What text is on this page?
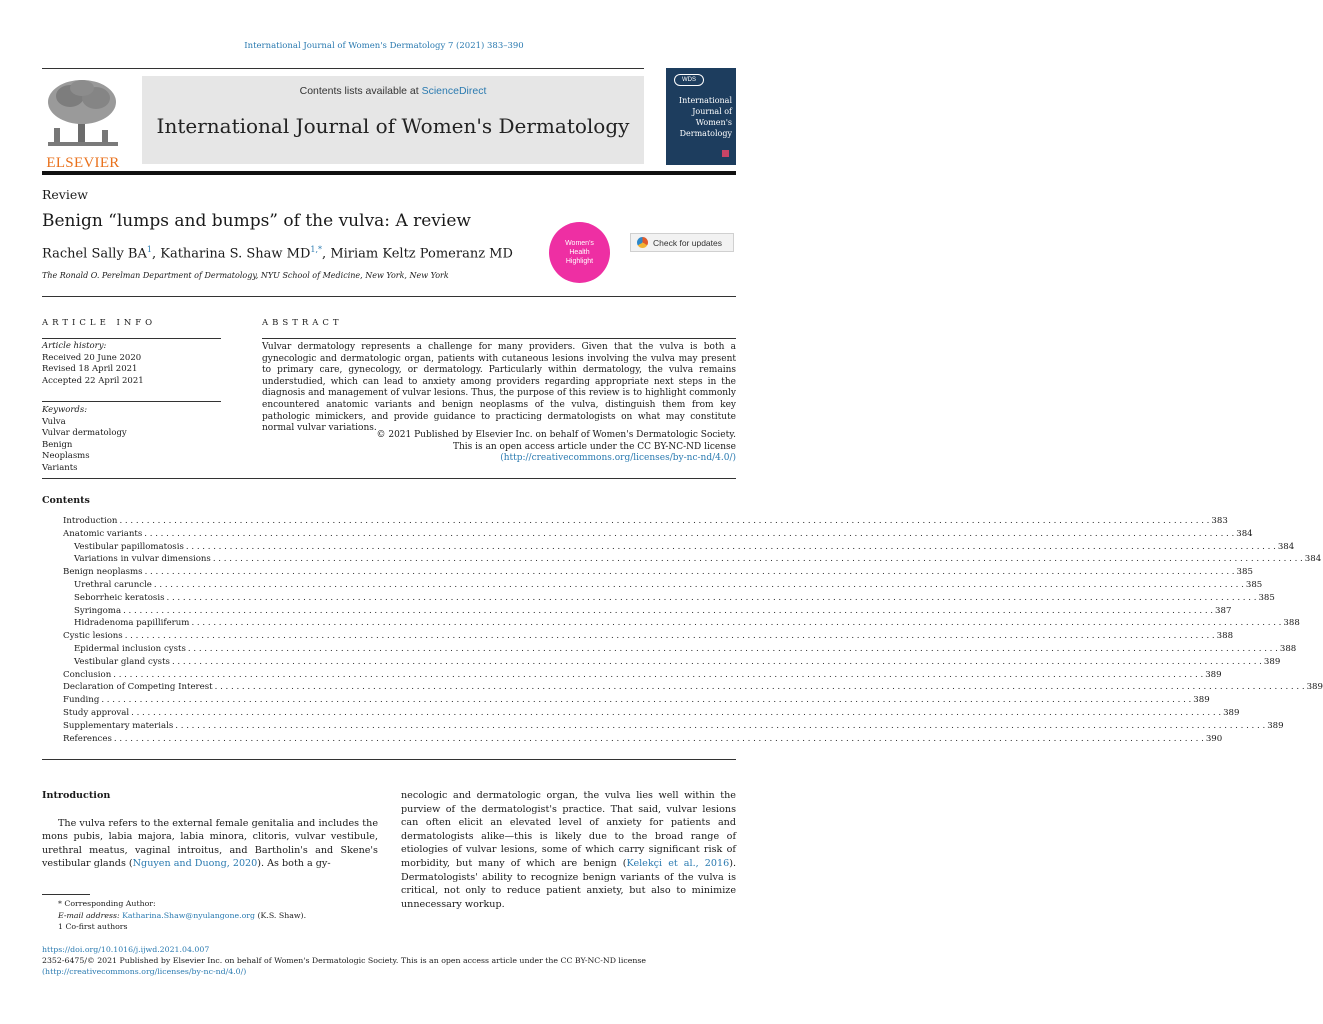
International Journal of Women's Dermatology 7 (2021) 383–390
ELSEVIER
Contents lists available at ScienceDirect
International Journal of Women's Dermatology
WDS
International Journal of Women's Dermatology
Review
Benign “lumps and bumps” of the vulva: A review
Rachel Sally $BA^1$, Katharina S. Shaw $MD^{1,*}$, Miriam Keltz Pomeranz MD
The Ronald O. Perelman Department of Dermatology, NYU School of Medicine, New York, New York
Women's
Health
Highlight
Check for updates
ARTICLE INFO	ABSTRACT
Article history:
Received 20 June 2020
Revised 18 April 2021
Accepted 22 April 2021
Keywords:
Vulva
Vulvar dermatology
Benign
Neoplasms
Variants
Vulvar dermatology represents a challenge for many providers. Given that the vulva is both a gynecologic and dermatologic organ, patients with cutaneous lesions involving the vulva may present to primary care, gynecology, or dermatology. Particularly within dermatology, the vulva remains understudied, which can lead to anxiety among providers regarding appropriate next steps in the diagnosis and management of vulvar lesions. Thus, the purpose of this review is to highlight commonly encountered anatomic variants and benign neoplasms of the vulva, distinguish them from key pathologic mimickers, and provide guidance to practicing dermatologists on what may constitute normal vulvar variations.
© 2021 Published by Elsevier Inc. on behalf of Women's Dermatologic Society.
This is an open access article under the CC BY-NC-ND license
(http://creativecommons.org/licenses/by-nc-nd/4.0/)
Contents
Introduction . . . . . . . . . . . . . . . . . . . . . . . . . . . . . . . . . . . . . . . . . . . . . . . . . . . . . . . . . . . . . . . . . . . . . . . . . . . . . . . . . . . . . . . . . . . . . . . . . . . . . . . . . . . . . . . . . . . . . . . . . . . . . . . . . . . . . . . . . . . . . . . . . . . . . . . . . . . . . . . . . . . . . . . . . . . . . . . . . . . . . . . . . . . . . . . . . . . . . . . . 383
Anatomic variants . . . . . . . . . . . . . . . . . . . . . . . . . . . . . . . . . . . . . . . . . . . . . . . . . . . . . . . . . . . . . . . . . . . . . . . . . . . . . . . . . . . . . . . . . . . . . . . . . . . . . . . . . . . . . . . . . . . . . . . . . . . . . . . . . . . . . . . . . . . . . . . . . . . . . . . . . . . . . . . . . . . . . . . . . . . . . . . . . . . . . . . . . . . . . . . . . . . . . . . . 384
Vestibular papillomatosis . . . . . . . . . . . . . . . . . . . . . . . . . . . . . . . . . . . . . . . . . . . . . . . . . . . . . . . . . . . . . . . . . . . . . . . . . . . . . . . . . . . . . . . . . . . . . . . . . . . . . . . . . . . . . . . . . . . . . . . . . . . . . . . . . . . . . . . . . . . . . . . . . . . . . . . . . . . . . . . . . . . . . . . . . . . . . . . . . . . . . . . . . . . . . . . . . . . . . . . . 384
Variations in vulvar dimensions . . . . . . . . . . . . . . . . . . . . . . . . . . . . . . . . . . . . . . . . . . . . . . . . . . . . . . . . . . . . . . . . . . . . . . . . . . . . . . . . . . . . . . . . . . . . . . . . . . . . . . . . . . . . . . . . . . . . . . . . . . . . . . . . . . . . . . . . . . . . . . . . . . . . . . . . . . . . . . . . . . . . . . . . . . . . . . . . . . . . . . . . . . . . . . . . . . . . . . . . 384
Benign neoplasms . . . . . . . . . . . . . . . . . . . . . . . . . . . . . . . . . . . . . . . . . . . . . . . . . . . . . . . . . . . . . . . . . . . . . . . . . . . . . . . . . . . . . . . . . . . . . . . . . . . . . . . . . . . . . . . . . . . . . . . . . . . . . . . . . . . . . . . . . . . . . . . . . . . . . . . . . . . . . . . . . . . . . . . . . . . . . . . . . . . . . . . . . . . . . . . . . . . . . . . . 385
Urethral caruncle . . . . . . . . . . . . . . . . . . . . . . . . . . . . . . . . . . . . . . . . . . . . . . . . . . . . . . . . . . . . . . . . . . . . . . . . . . . . . . . . . . . . . . . . . . . . . . . . . . . . . . . . . . . . . . . . . . . . . . . . . . . . . . . . . . . . . . . . . . . . . . . . . . . . . . . . . . . . . . . . . . . . . . . . . . . . . . . . . . . . . . . . . . . . . . . . . . . . . . . . 385
Seborrheic keratosis . . . . . . . . . . . . . . . . . . . . . . . . . . . . . . . . . . . . . . . . . . . . . . . . . . . . . . . . . . . . . . . . . . . . . . . . . . . . . . . . . . . . . . . . . . . . . . . . . . . . . . . . . . . . . . . . . . . . . . . . . . . . . . . . . . . . . . . . . . . . . . . . . . . . . . . . . . . . . . . . . . . . . . . . . . . . . . . . . . . . . . . . . . . . . . . . . . . . . . . . 385
Syringoma . . . . . . . . . . . . . . . . . . . . . . . . . . . . . . . . . . . . . . . . . . . . . . . . . . . . . . . . . . . . . . . . . . . . . . . . . . . . . . . . . . . . . . . . . . . . . . . . . . . . . . . . . . . . . . . . . . . . . . . . . . . . . . . . . . . . . . . . . . . . . . . . . . . . . . . . . . . . . . . . . . . . . . . . . . . . . . . . . . . . . . . . . . . . . . . . . . . . . . . . 387
Hidradenoma papilliferum . . . . . . . . . . . . . . . . . . . . . . . . . . . . . . . . . . . . . . . . . . . . . . . . . . . . . . . . . . . . . . . . . . . . . . . . . . . . . . . . . . . . . . . . . . . . . . . . . . . . . . . . . . . . . . . . . . . . . . . . . . . . . . . . . . . . . . . . . . . . . . . . . . . . . . . . . . . . . . . . . . . . . . . . . . . . . . . . . . . . . . . . . . . . . . . . . . . . . . . . 388
Cystic lesions . . . . . . . . . . . . . . . . . . . . . . . . . . . . . . . . . . . . . . . . . . . . . . . . . . . . . . . . . . . . . . . . . . . . . . . . . . . . . . . . . . . . . . . . . . . . . . . . . . . . . . . . . . . . . . . . . . . . . . . . . . . . . . . . . . . . . . . . . . . . . . . . . . . . . . . . . . . . . . . . . . . . . . . . . . . . . . . . . . . . . . . . . . . . . . . . . . . . . . . . 388
Epidermal inclusion cysts . . . . . . . . . . . . . . . . . . . . . . . . . . . . . . . . . . . . . . . . . . . . . . . . . . . . . . . . . . . . . . . . . . . . . . . . . . . . . . . . . . . . . . . . . . . . . . . . . . . . . . . . . . . . . . . . . . . . . . . . . . . . . . . . . . . . . . . . . . . . . . . . . . . . . . . . . . . . . . . . . . . . . . . . . . . . . . . . . . . . . . . . . . . . . . . . . . . . . . . . 388
Vestibular gland cysts . . . . . . . . . . . . . . . . . . . . . . . . . . . . . . . . . . . . . . . . . . . . . . . . . . . . . . . . . . . . . . . . . . . . . . . . . . . . . . . . . . . . . . . . . . . . . . . . . . . . . . . . . . . . . . . . . . . . . . . . . . . . . . . . . . . . . . . . . . . . . . . . . . . . . . . . . . . . . . . . . . . . . . . . . . . . . . . . . . . . . . . . . . . . . . . . . . . . . . . . 389
Conclusion . . . . . . . . . . . . . . . . . . . . . . . . . . . . . . . . . . . . . . . . . . . . . . . . . . . . . . . . . . . . . . . . . . . . . . . . . . . . . . . . . . . . . . . . . . . . . . . . . . . . . . . . . . . . . . . . . . . . . . . . . . . . . . . . . . . . . . . . . . . . . . . . . . . . . . . . . . . . . . . . . . . . . . . . . . . . . . . . . . . . . . . . . . . . . . . . . . . . . . . . 389
Declaration of Competing Interest . . . . . . . . . . . . . . . . . . . . . . . . . . . . . . . . . . . . . . . . . . . . . . . . . . . . . . . . . . . . . . . . . . . . . . . . . . . . . . . . . . . . . . . . . . . . . . . . . . . . . . . . . . . . . . . . . . . . . . . . . . . . . . . . . . . . . . . . . . . . . . . . . . . . . . . . . . . . . . . . . . . . . . . . . . . . . . . . . . . . . . . . . . . . . . . . . . . . . . . . 389
Funding . . . . . . . . . . . . . . . . . . . . . . . . . . . . . . . . . . . . . . . . . . . . . . . . . . . . . . . . . . . . . . . . . . . . . . . . . . . . . . . . . . . . . . . . . . . . . . . . . . . . . . . . . . . . . . . . . . . . . . . . . . . . . . . . . . . . . . . . . . . . . . . . . . . . . . . . . . . . . . . . . . . . . . . . . . . . . . . . . . . . . . . . . . . . . . . . . . . . . . . . 389
Study approval . . . . . . . . . . . . . . . . . . . . . . . . . . . . . . . . . . . . . . . . . . . . . . . . . . . . . . . . . . . . . . . . . . . . . . . . . . . . . . . . . . . . . . . . . . . . . . . . . . . . . . . . . . . . . . . . . . . . . . . . . . . . . . . . . . . . . . . . . . . . . . . . . . . . . . . . . . . . . . . . . . . . . . . . . . . . . . . . . . . . . . . . . . . . . . . . . . . . . . . . 389
Supplementary materials . . . . . . . . . . . . . . . . . . . . . . . . . . . . . . . . . . . . . . . . . . . . . . . . . . . . . . . . . . . . . . . . . . . . . . . . . . . . . . . . . . . . . . . . . . . . . . . . . . . . . . . . . . . . . . . . . . . . . . . . . . . . . . . . . . . . . . . . . . . . . . . . . . . . . . . . . . . . . . . . . . . . . . . . . . . . . . . . . . . . . . . . . . . . . . . . . . . . . . . . 389
References . . . . . . . . . . . . . . . . . . . . . . . . . . . . . . . . . . . . . . . . . . . . . . . . . . . . . . . . . . . . . . . . . . . . . . . . . . . . . . . . . . . . . . . . . . . . . . . . . . . . . . . . . . . . . . . . . . . . . . . . . . . . . . . . . . . . . . . . . . . . . . . . . . . . . . . . . . . . . . . . . . . . . . . . . . . . . . . . . . . . . . . . . . . . . . . . . . . . . . . . 390
Introduction
The vulva refers to the external female genitalia and includes the mons pubis, labia majora, labia minora, clitoris, vulvar vestibule, urethral meatus, vaginal introitus, and Bartholin's and Skene's vestibular glands (Nguyen and Duong, 2020). As both a gy-
necologic and dermatologic organ, the vulva lies well within the purview of the dermatologist's practice. That said, vulvar lesions can often elicit an elevated level of anxiety for patients and dermatologists alike—this is likely due to the broad range of etiologies of vulvar lesions, some of which carry significant risk of morbidity, but many of which are benign (Kelekçi et al., 2016). Dermatologists' ability to recognize benign variants of the vulva is critical, not only to reduce patient anxiety, but also to minimize unnecessary workup.
* Corresponding Author:
E-mail address: Katharina.Shaw@nyulangone.org (K.S. Shaw).
1 Co-first authors
https://doi.org/10.1016/j.ijwd.2021.04.007
2352-6475/© 2021 Published by Elsevier Inc. on behalf of Women's Dermatologic Society. This is an open access article under the CC BY-NC-ND license
(http://creativecommons.org/licenses/by-nc-nd/4.0/)
